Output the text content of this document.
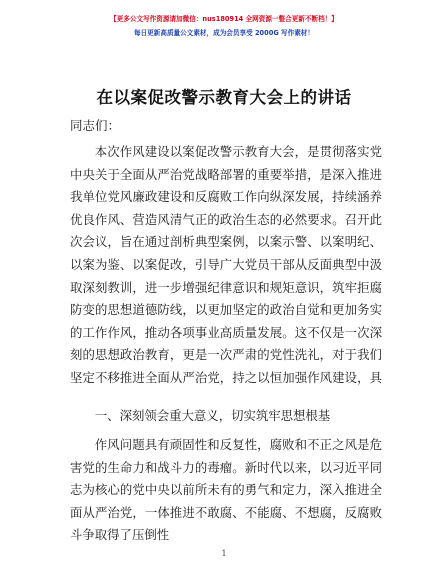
【更多公文写作资源请加微信：nus180914 全网资源一整合更新不断档！】
每日更新高质量公文素材，成为会员享受 2000G 写作素材！
在以案促改警示教育大会上的讲话
同志们：

本次作风建设以案促改警示教育大会，是贯彻落实党中央关于全面从严治党战略部署的重要举措，是深入推进我单位党风廉政建设和反腐败工作向纵深发展，持续涵养优良作风、营造风清气正的政治生态的必然要求。召开此次会议，旨在通过剖析典型案例，以案示警、以案明纪、以案为鉴、以案促改，引导广大党员干部从反面典型中汲取深刻教训，进一步增强纪律意识和规矩意识，筑牢拒腐防变的思想道德防线，以更加坚定的政治自觉和更加务实的工作作风，推动各项事业高质量发展。这不仅是一次深刻的思想政治教育，更是一次严肃的党性洗礼，对于我们坚定不移推进全面从严治党，持之以恒加强作风建设，具

一、深刻领会重大意义，切实筑牢思想根基

作风问题具有顽固性和反复性，腐败和不正之风是危害党的生命力和战斗力的毒瘤。新时代以来，以习近平同志为核心的党中央以前所未有的勇气和定力，深入推进全面从严治党，一体推进不敢腐、不能腐、不想腐，反腐败斗争取得了压倒性

1
